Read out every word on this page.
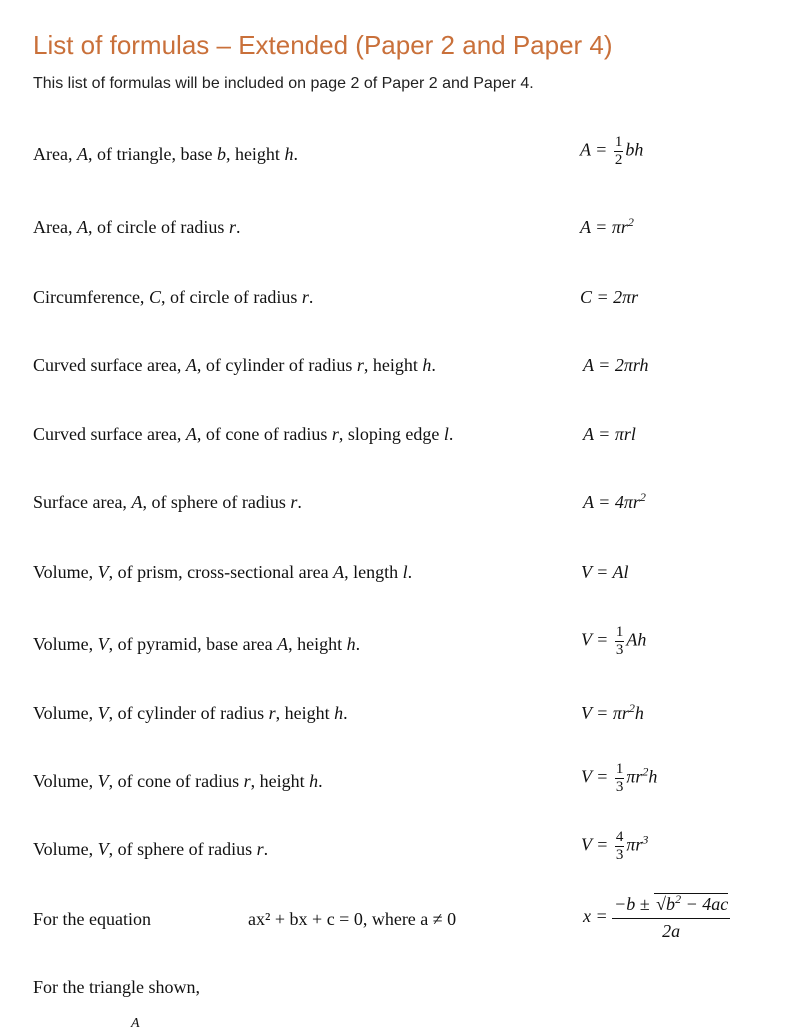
List of formulas – Extended (Paper 2 and Paper 4)
This list of formulas will be included on page 2 of Paper 2 and Paper 4.
Area, A, of triangle, base b, height h.	$A = \frac{1}{2}$ bh
Area, A, of circle of radius r.	$A = \pi r^2$
Circumference, C, of circle of radius r.	C = 2πr
Curved surface area, A, of cylinder of radius r, height h.	A = 2πrh
Curved surface area, A, of cone of radius r, sloping edge l.	A = πrl
Surface area, A, of sphere of radius r.	$A = 4\pi r^2$
Volume, V, of prism, cross-sectional area A, length l.	V = Al
Volume, V, of pyramid, base area A, height h.	$V = \frac{1}{3}$ Ah
Volume, V, of cylinder of radius r, height h.	$V = \pi r^2h$
Volume, V, of cone of radius r, height h.	$V = \frac{1}{3} \pi r^2h$
Volume, V, of sphere of radius r.	$V = \frac{4}{3} \pi r^3$
For the equation	ax² + bx + c = 0, where a ≠ 0	$x = \frac{-b \pm √b^2 - 4ac}{2a}$
For the triangle shown,
A
